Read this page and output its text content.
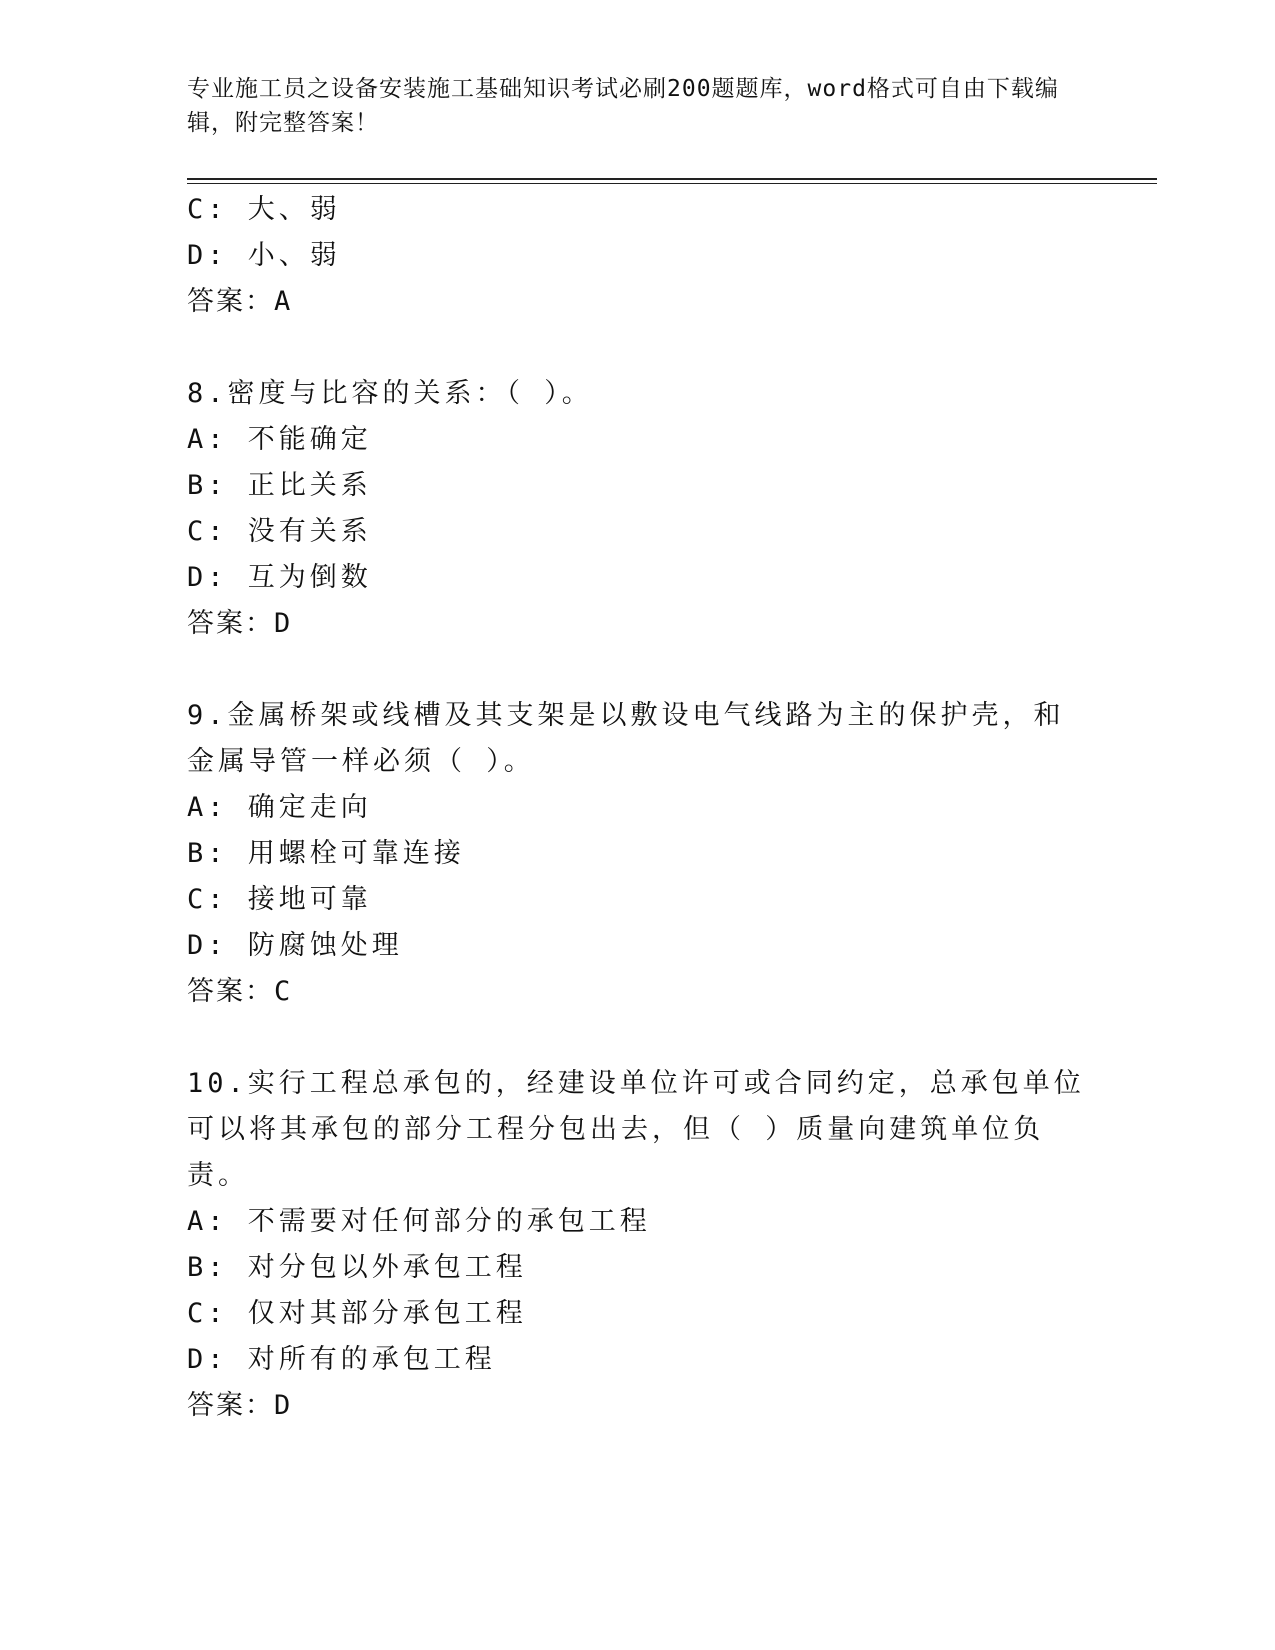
专业施工员之设备安装施工基础知识考试必刷200题题库，word格式可自由下载编辑，附完整答案！
C: 大、弱
D: 小、弱
答案：A
8.密度与比容的关系：（ ）。
A: 不能确定
B: 正比关系
C: 没有关系
D: 互为倒数
答案：D
9.金属桥架或线槽及其支架是以敷设电气线路为主的保护壳，和金属导管一样必须（ ）。
A: 确定走向
B: 用螺栓可靠连接
C: 接地可靠
D: 防腐蚀处理
答案：C
10.实行工程总承包的，经建设单位许可或合同约定，总承包单位可以将其承包的部分工程分包出去，但（ ）质量向建筑单位负责。
A: 不需要对任何部分的承包工程
B: 对分包以外承包工程
C: 仅对其部分承包工程
D: 对所有的承包工程
答案：D
